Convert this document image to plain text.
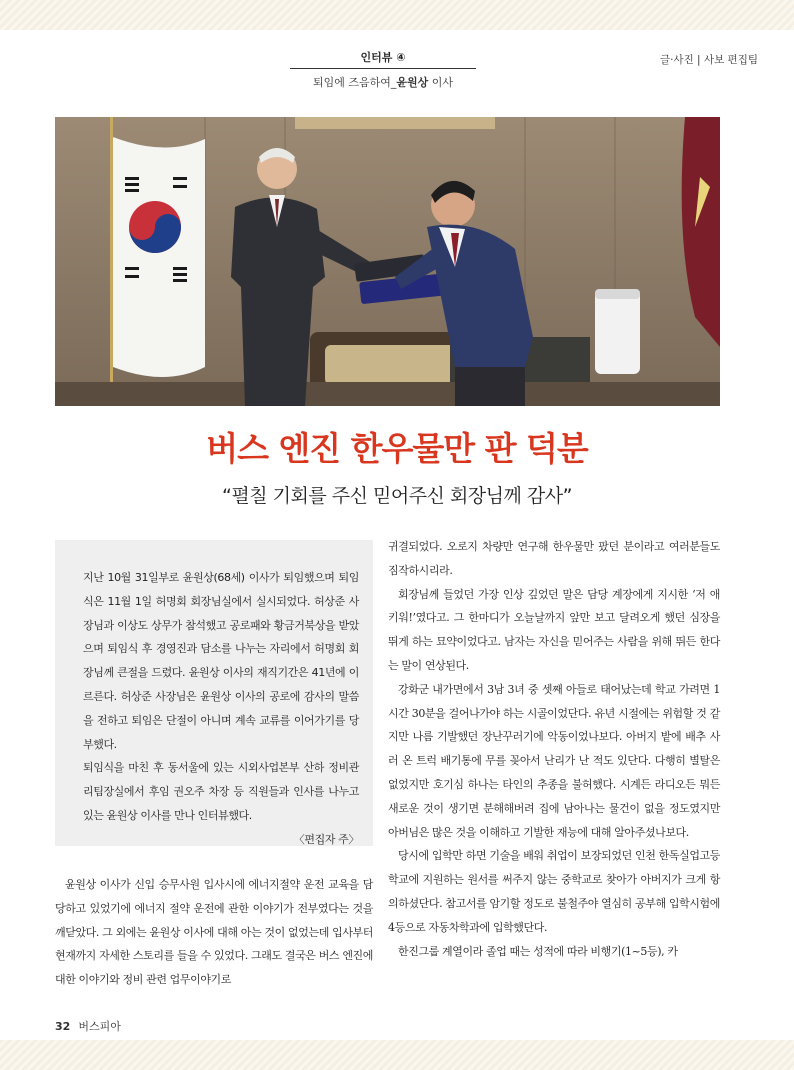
인터뷰 ④
퇴임에 즈음하여_윤원상 이사
글·사진 | 사보 편집팀
버스 엔진 한우물만 판 덕분
“펼칠 기회를 주신 믿어주신 회장님께 감사”

지난 10월 31일부로 윤원상(68세) 이사가 퇴임했으며 퇴임식은 11월 1일 허명회 회장님실에서 실시되었다. 허상준 사장님과 이상도 상무가 참석했고 공로패와 황금거북상을 받았으며 퇴임식 후 경영진과 담소를 나누는 자리에서 허명회 회장님께 큰절을 드렸다. 윤원상 이사의 재직기간은 41년에 이르른다. 허상준 사장님은 윤원상 이사의 공로에 감사의 말씀을 전하고 퇴임은 단절이 아니며 계속 교류를 이어가기를 당부했다.

퇴임식을 마친 후 동서울에 있는 시외사업본부 산하 정비관리팀장실에서 후임 권오주 차장 등 직원들과 인사를 나누고 있는 윤원상 이사를 만나 인터뷰했다.

〈편집자 주〉

윤원상 이사가 신입 승무사원 입사시에 에너지절약 운전 교육을 담당하고 있었기에 에너지 절약 운전에 관한 이야기가 전부였다는 것을 깨닫았다. 그 외에는 윤원상 이사에 대해 아는 것이 없었는데 입사부터 현재까지 자세한 스토리를 들을 수 있었다. 그래도 결국은 버스 엔진에 대한 이야기와 정비 관련 업무이야기로

귀결되었다. 오로지 차량만 연구해 한우물만 팠던 분이라고 여러분들도 짐작하시리라.

회장님께 들었던 가장 인상 깊었던 말은 담당 계장에게 지시한 ‘저 애 키워!’였다고. 그 한마디가 오늘날까지 앞만 보고 달려오게 했던 심장을 뛰게 하는 묘약이었다고. 남자는 자신을 믿어주는 사람을 위해 뛰든 한다는 말이 연상된다.

강화군 내가면에서 3남 3녀 중 셋째 아들로 태어났는데 학교 가려면 1시간 30분을 걸어나가야 하는 시골이었단다. 유년 시절에는 위험할 것 같지만 나름 기발했던 장난꾸러기에 악동이었나보다. 아버지 밭에 배추 사러 온 트럭 배기통에 무를 꽂아서 난리가 난 적도 있단다. 다행히 별탈은 없었지만 호기심 하나는 타인의 추종을 불허했다. 시계든 라디오든 뭐든 새로운 것이 생기면 분해해버려 집에 남아나는 물건이 없을 정도였지만 아버님은 많은 것을 이해하고 기발한 재능에 대해 알아주셨나보다.

당시에 입학만 하면 기술을 배워 취업이 보장되었던 인천 한독실업고등학교에 지원하는 원서를 써주지 않는 중학교로 찾아가 아버지가 크게 항의하셨단다. 참고서를 암기할 정도로 불철주야 열심히 공부해 입학시험에 4등으로 자동차학과에 입학했단다.

한진그룹 계열이라 졸업 때는 성적에 따라 비행기(1~5등), 카

32 버스피아
